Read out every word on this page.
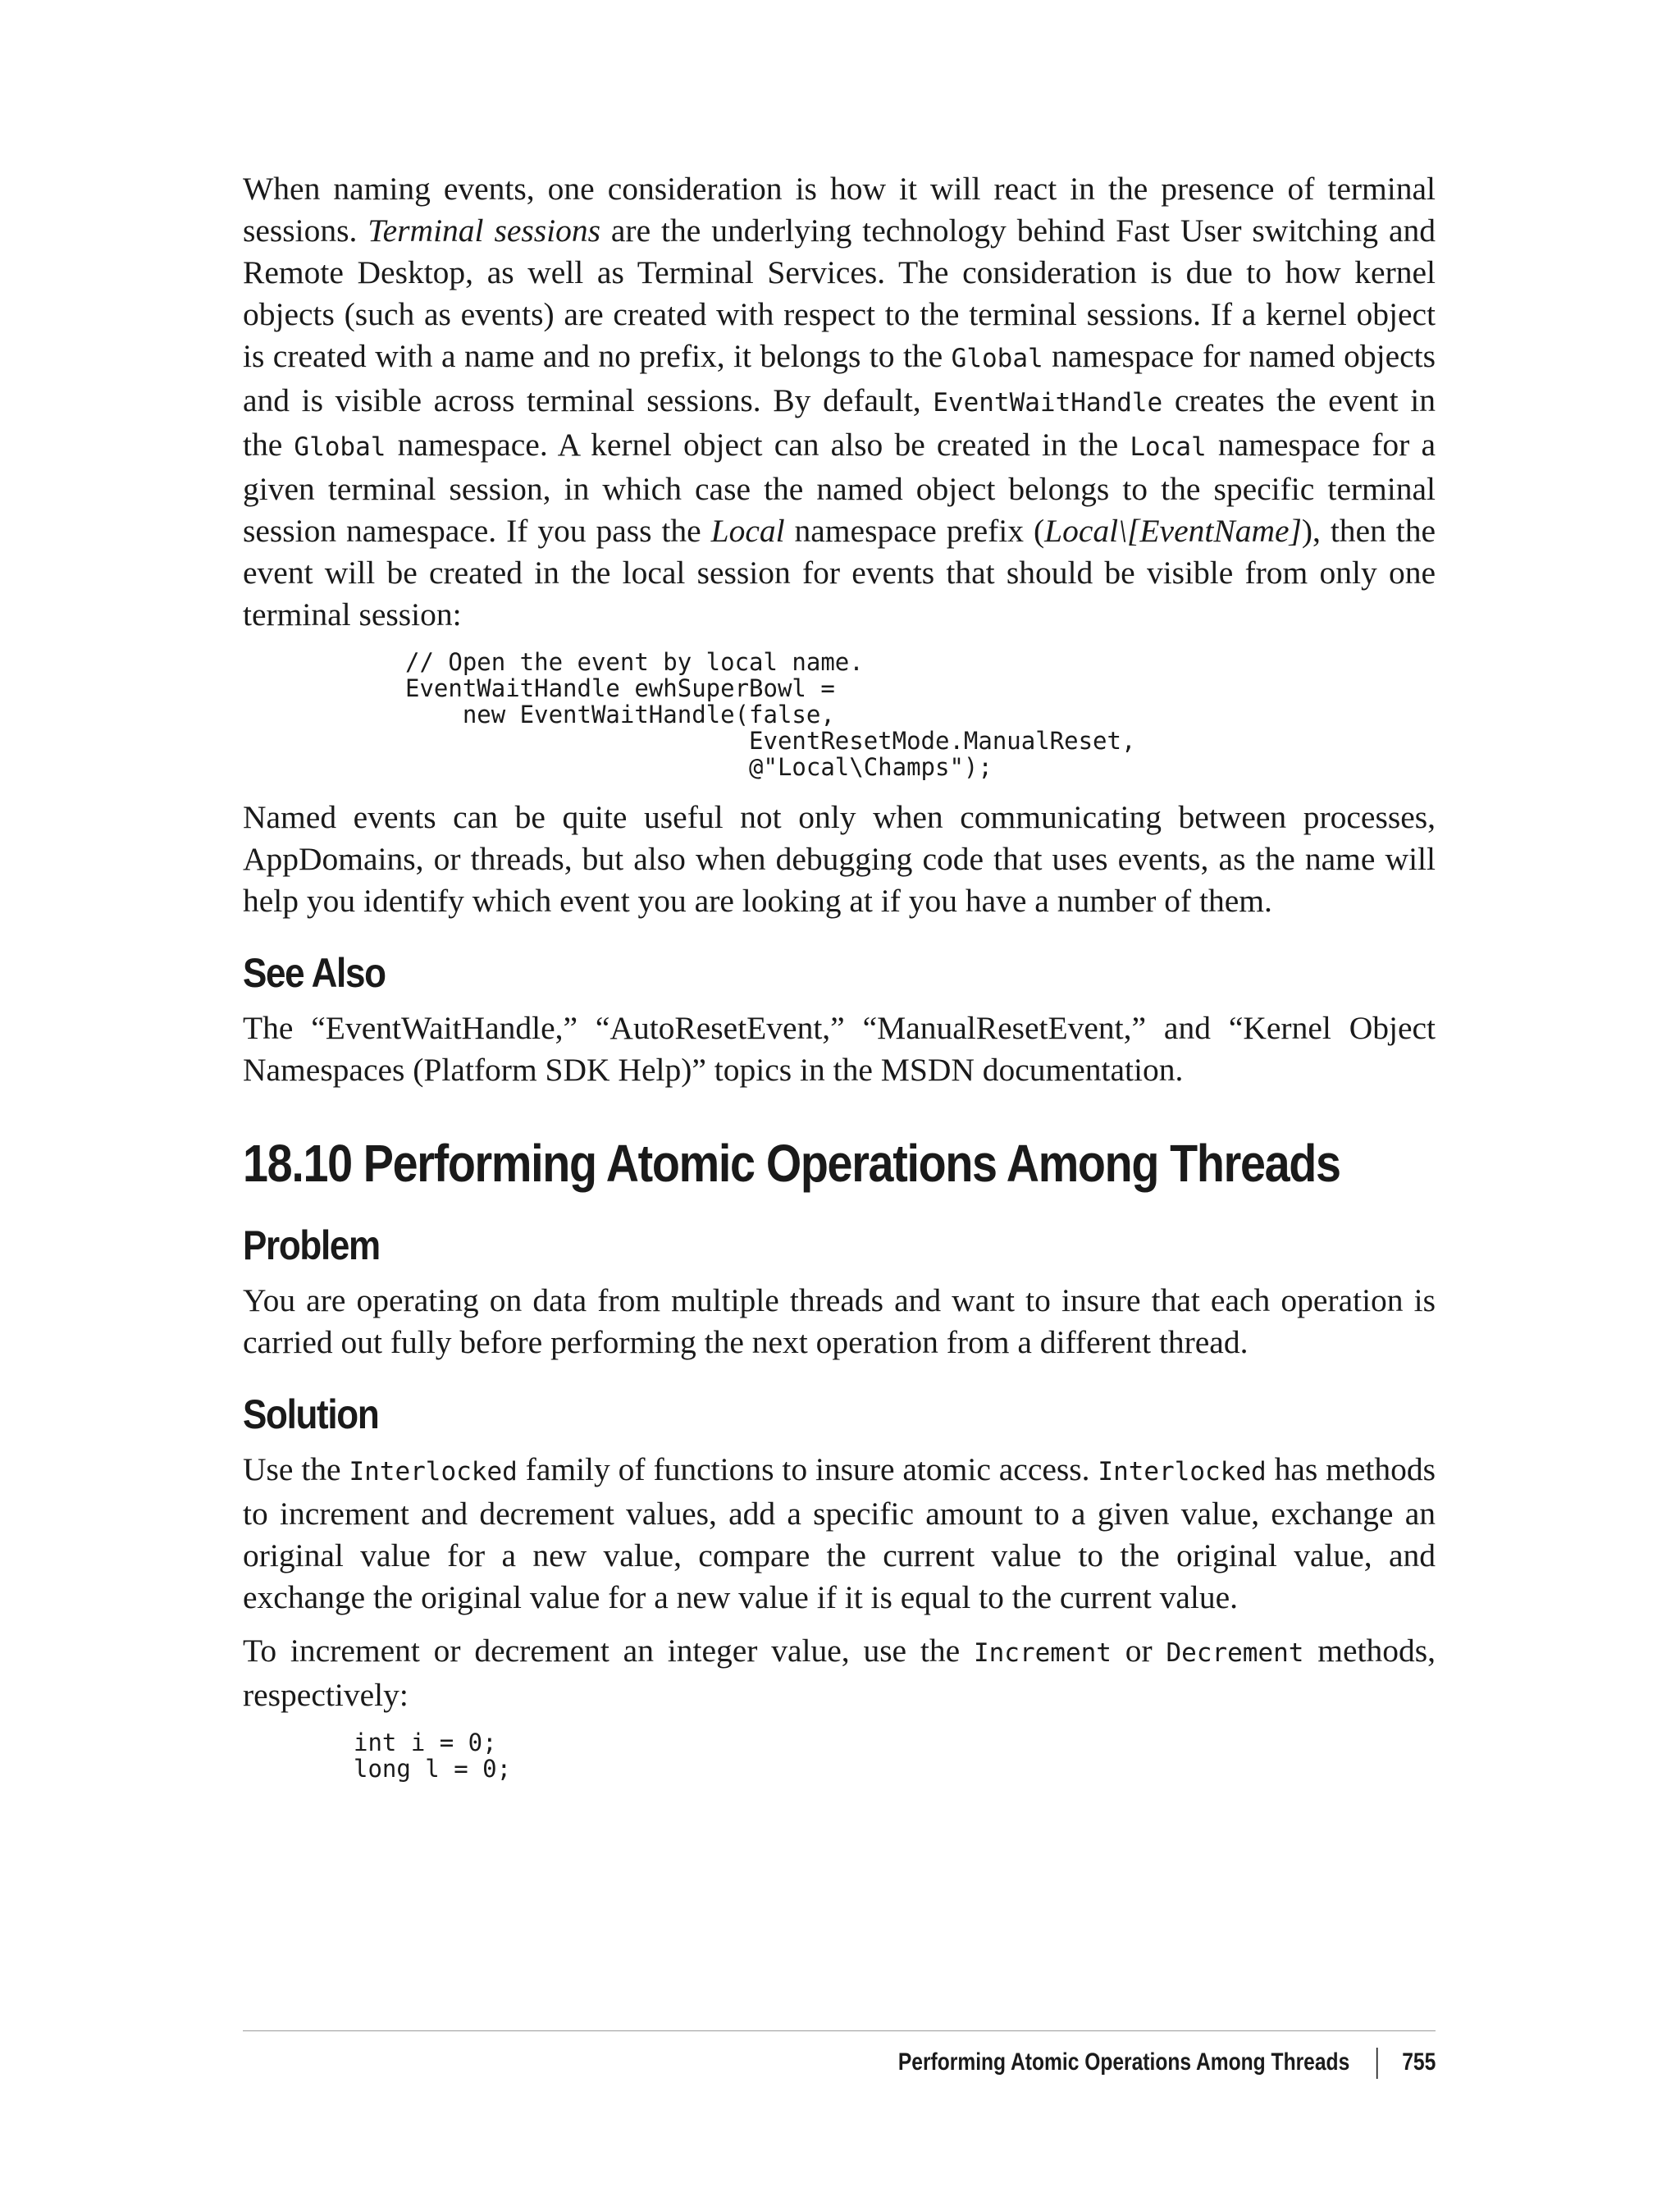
When naming events, one consideration is how it will react in the presence of terminal sessions. Terminal sessions are the underlying technology behind Fast User switching and Remote Desktop, as well as Terminal Services. The consideration is due to how kernel objects (such as events) are created with respect to the terminal sessions. If a kernel object is created with a name and no prefix, it belongs to the Global namespace for named objects and is visible across terminal sessions. By default, EventWaitHandle creates the event in the Global namespace. A kernel object can also be created in the Local namespace for a given terminal session, in which case the named object belongs to the specific terminal session namespace. If you pass the Local namespace prefix (Local\[EventName]), then the event will be created in the local session for events that should be visible from only one terminal session:

// Open the event by local name.
EventWaitHandle ewhSuperBowl =
new EventWaitHandle(false,
EventResetMode.ManualReset,
@"Local\Champs");

Named events can be quite useful not only when communicating between processes, AppDomains, or threads, but also when debugging code that uses events, as the name will help you identify which event you are looking at if you have a number of them.

See Also

The “EventWaitHandle,” “AutoResetEvent,” “ManualResetEvent,” and “Kernel Object Namespaces (Platform SDK Help)” topics in the MSDN documentation.

18.10 Performing Atomic Operations Among Threads
Problem

You are operating on data from multiple threads and want to insure that each operation is carried out fully before performing the next operation from a different thread.

Solution

Use the Interlocked family of functions to insure atomic access. Interlocked has methods to increment and decrement values, add a specific amount to a given value, exchange an original value for a new value, compare the current value to the original value, and exchange the original value for a new value if it is equal to the current value.

To increment or decrement an integer value, use the Increment or Decrement methods, respectively:

int i = 0;
long l = 0;
Performing Atomic Operations Among Threads 755
